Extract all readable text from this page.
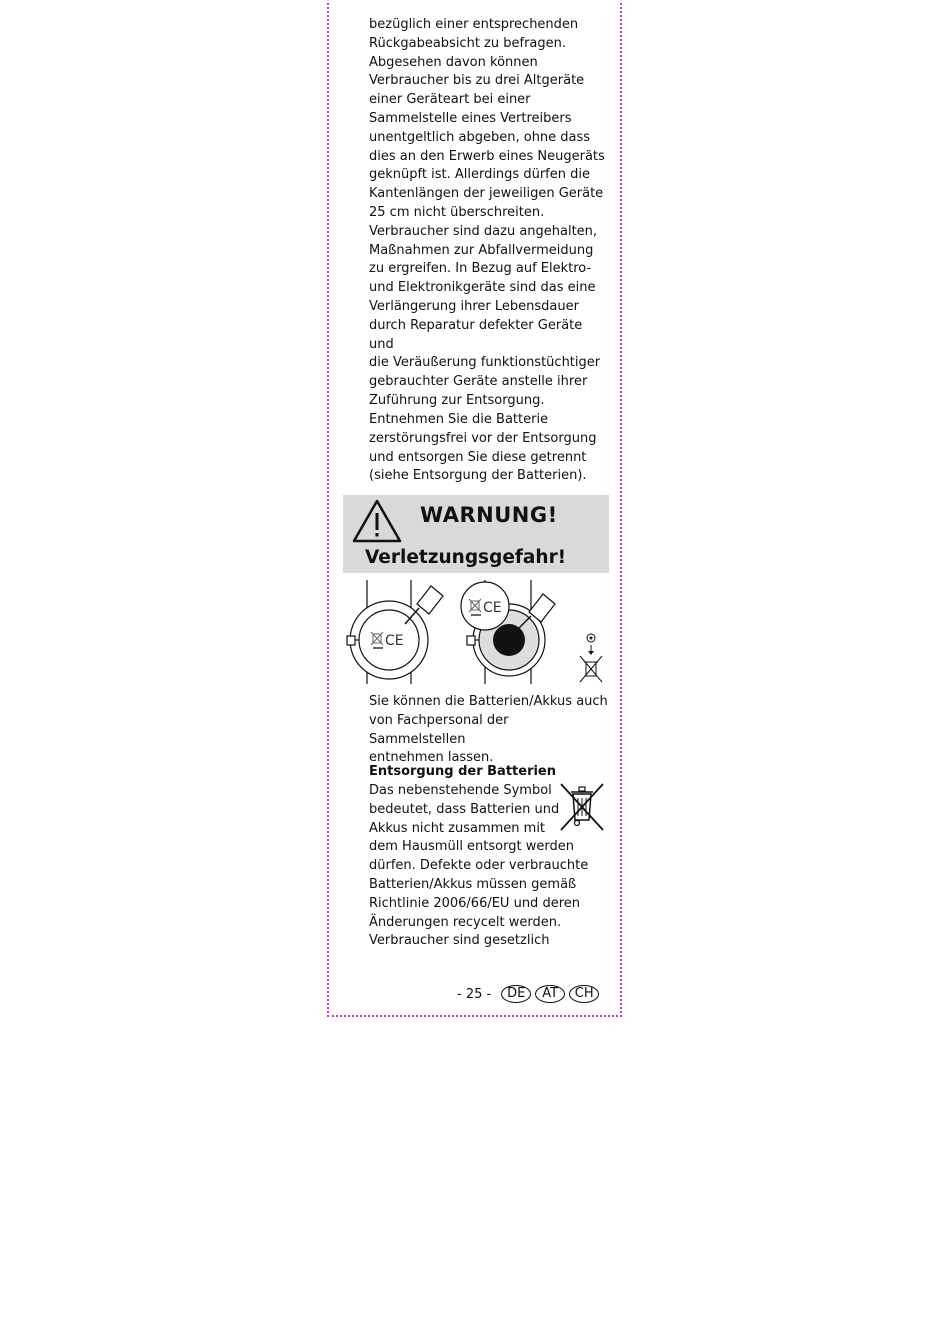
bezüglich einer entsprechenden
Rückgabeabsicht zu befragen.
Abgesehen davon können
Verbraucher bis zu drei Altgeräte
einer Geräteart bei einer
Sammelstelle eines Vertreibers
unentgeltlich abgeben, ohne dass
dies an den Erwerb eines Neugeräts
geknüpft ist. Allerdings dürfen die
Kantenlängen der jeweiligen Geräte
25 cm nicht überschreiten.
Verbraucher sind dazu angehalten,
Maßnahmen zur Abfallvermeidung
zu ergreifen. In Bezug auf Elektro-
und Elektronikgeräte sind das eine
Verlängerung ihrer Lebensdauer
durch Reparatur defekter Geräte und
die Veräußerung funktionstüchtiger
gebrauchter Geräte anstelle ihrer
Zuführung zur Entsorgung.

Entnehmen Sie die Batterie
zerstörungsfrei vor der Entsorgung
und entsorgen Sie diese getrennt
(siehe Entsorgung der Batterien).

WARNUNG!
Verletzungsgefahr!
CE
CE

Sie können die Batterien/Akkus auch
von Fachpersonal der Sammelstellen
entnehmen lassen.

Entsorgung der Batterien

Das nebenstehende Symbol
bedeutet, dass Batterien und
Akkus nicht zusammen mit
dem Hausmüll entsorgt werden
dürfen. Defekte oder verbrauchte
Batterien/Akkus müssen gemäß
Richtlinie 2006/66/EU und deren
Änderungen recycelt werden.
Verbraucher sind gesetzlich

- 25 -	DE	AT	CH
